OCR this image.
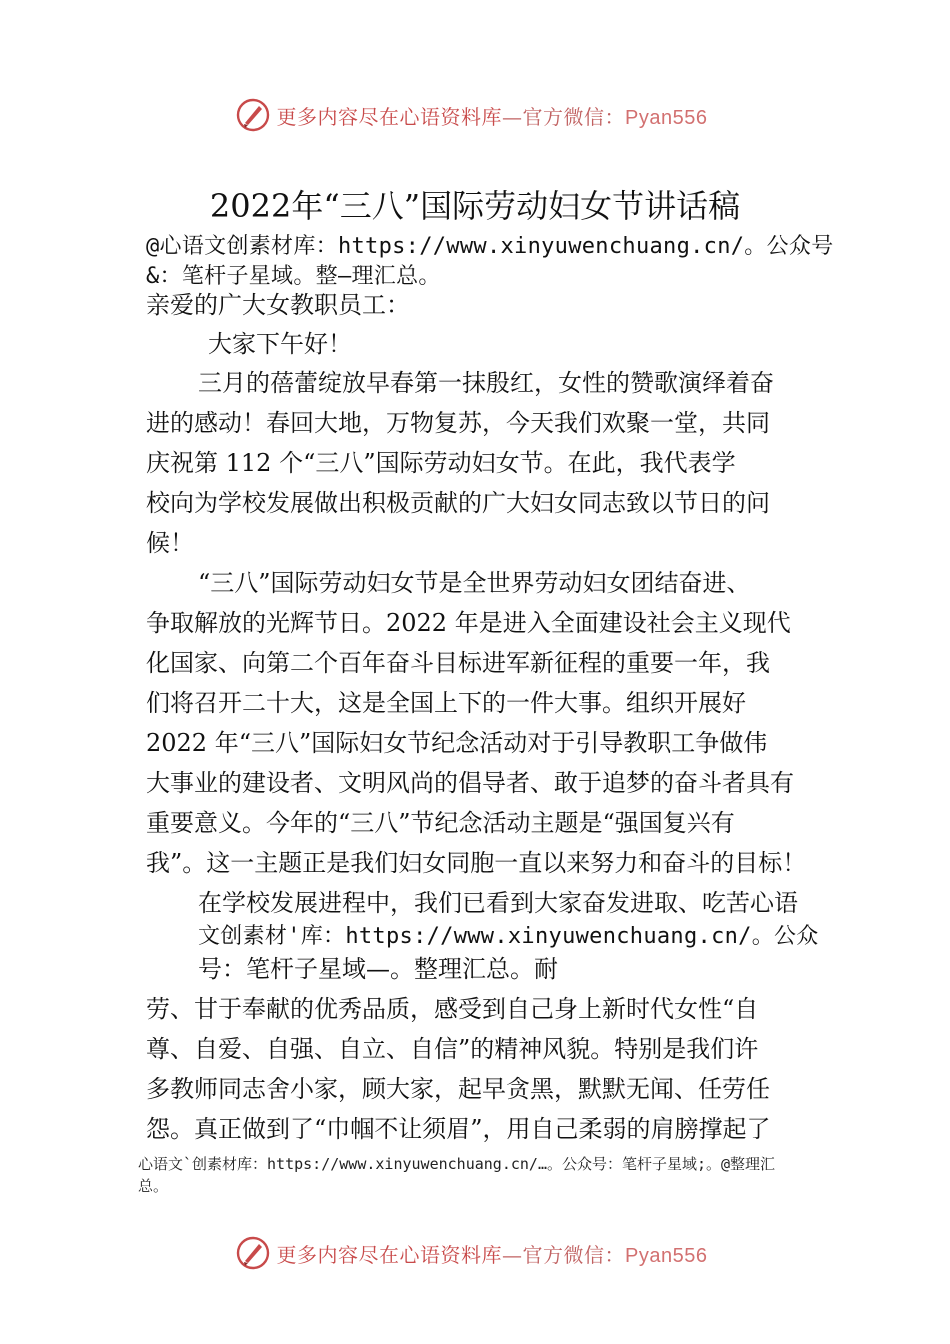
更多内容尽在心语资料库—官方微信：Pyan556
2022年“三八”国际劳动妇女节讲话稿
@心语文创素材库：https://www.xinyuwenchuang.cn/。公众号
&：笔杆子星域。整—理汇总。
亲爱的广大女教职员工：
大家下午好！
三月的蓓蕾绽放早春第一抹殷红，女性的赞歌演绎着奋
进的感动！春回大地，万物复苏，今天我们欢聚一堂，共同
庆祝第 112 个“三八”国际劳动妇女节。在此，我代表学
校向为学校发展做出积极贡献的广大妇女同志致以节日的问
候！
“三八”国际劳动妇女节是全世界劳动妇女团结奋进、
争取解放的光辉节日。2022 年是进入全面建设社会主义现代
化国家、向第二个百年奋斗目标进军新征程的重要一年，我
们将召开二十大，这是全国上下的一件大事。组织开展好
2022 年“三八”国际妇女节纪念活动对于引导教职工争做伟
大事业的建设者、文明风尚的倡导者、敢于追梦的奋斗者具有
重要意义。今年的“三八”节纪念活动主题是“强国复兴有
我”。这一主题正是我们妇女同胞一直以来努力和奋斗的目标！
在学校发展进程中，我们已看到大家奋发进取、吃苦心语
文创素材'库：https://www.xinyuwenchuang.cn/。公众
号：笔杆子星域—。整理汇总。耐
劳、甘于奉献的优秀品质，感受到自己身上新时代女性“自
尊、自爱、自强、自立、自信”的精神风貌。特别是我们许
多教师同志舍小家，顾大家，起早贪黑，默默无闻、任劳任
怨。真正做到了“巾帼不让须眉”，用自己柔弱的肩膀撑起了
心语文`创素材库：https://www.xinyuwenchuang.cn/…。公众号：笔杆子星域;。@整理汇
总。
更多内容尽在心语资料库—官方微信：Pyan556
